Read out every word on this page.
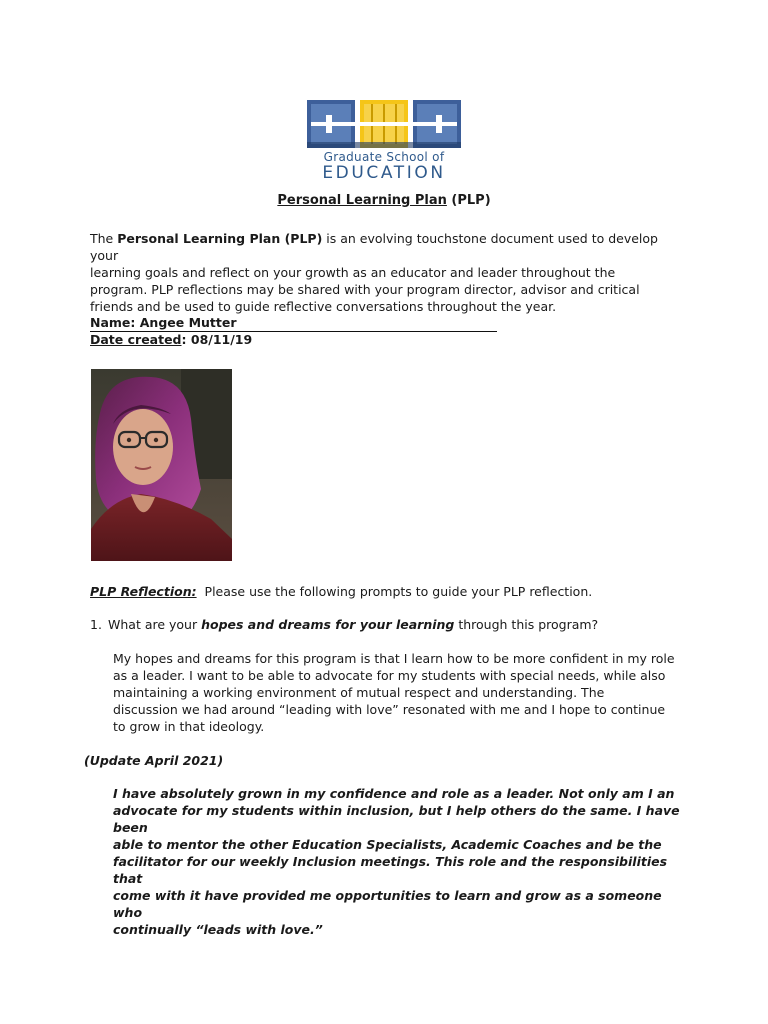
Graduate School of
EDUCATION
Personal Learning Plan (PLP)
The Personal Learning Plan (PLP) is an evolving touchstone document used to develop your
learning goals and reflect on your growth as an educator and leader throughout the
program. PLP reflections may be shared with your program director, advisor and critical
friends and be used to guide reflective conversations throughout the year.
Name: Angee Mutter
Date created: 08/11/19
PLP Reflection:  Please use the following prompts to guide your PLP reflection.
1. What are your hopes and dreams for your learning through this program?
My hopes and dreams for this program is that I learn how to be more confident in my role
as a leader. I want to be able to advocate for my students with special needs, while also
maintaining a working environment of mutual respect and understanding. The
discussion we had around “leading with love” resonated with me and I hope to continue
to grow in that ideology.
(Update April 2021)
I have absolutely grown in my confidence and role as a leader. Not only am I an
advocate for my students within inclusion, but I help others do the same. I have been
able to mentor the other Education Specialists, Academic Coaches and be the
facilitator for our weekly Inclusion meetings. This role and the responsibilities that
come with it have provided me opportunities to learn and grow as a someone who
continually “leads with love.”
